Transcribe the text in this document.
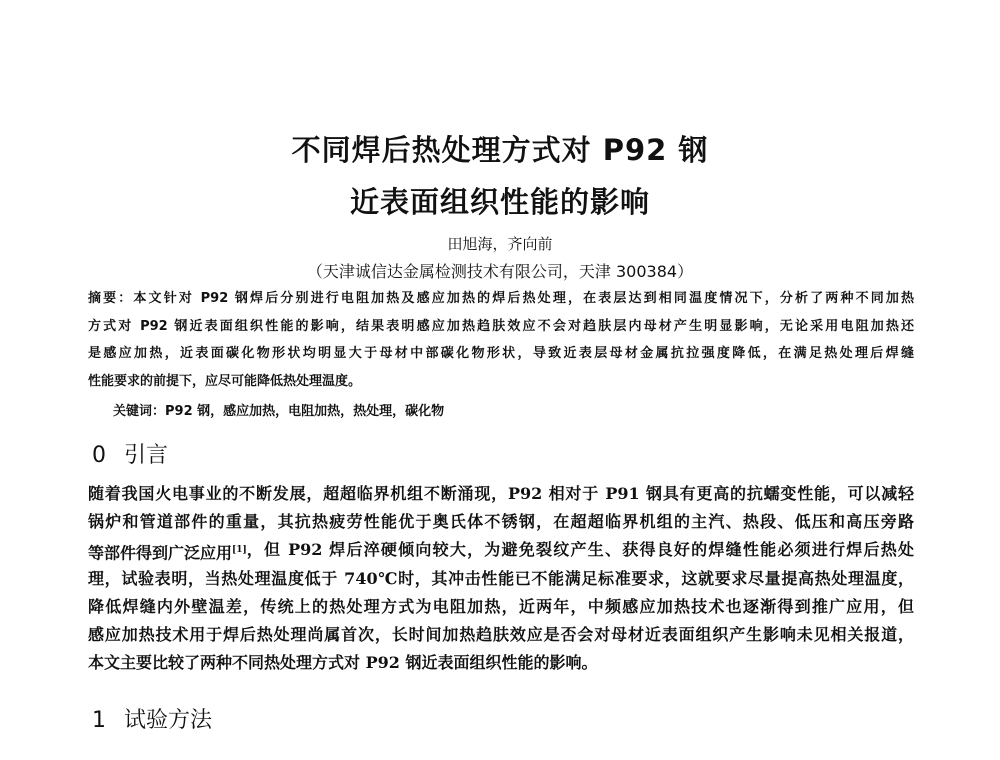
不同焊后热处理方式对 P92 钢
近表面组织性能的影响
田旭海，齐向前
（天津诚信达金属检测技术有限公司，天津 300384）
摘要：本文针对 P92 钢焊后分别进行电阻加热及感应加热的焊后热处理，在表层达到相同温度情况下，分析了两种不同加热
方式对 P92 钢近表面组织性能的影响，结果表明感应加热趋肤效应不会对趋肤层内母材产生明显影响，无论采用电阻加热还
是感应加热，近表面碳化物形状均明显大于母材中部碳化物形状，导致近表层母材金属抗拉强度降低，在满足热处理后焊缝
性能要求的前提下，应尽可能降低热处理温度。
关键词：P92 钢，感应加热，电阻加热，热处理，碳化物
0 引言
随着我国火电事业的不断发展，超超临界机组不断涌现，P92 相对于 P91 钢具有更高的抗蠕变性能，可以减轻
锅炉和管道部件的重量，其抗热疲劳性能优于奥氏体不锈钢，在超超临界机组的主汽、热段、低压和高压旁路
等部件得到广泛应用[1] ，但 P92 焊后淬硬倾向较大，为避免裂纹产生、获得良好的焊缝性能必须进行焊后热处
理，试验表明，当热处理温度低于 740℃时，其冲击性能已不能满足标准要求，这就要求尽量提高热处理温度，
降低焊缝内外壁温差，传统上的热处理方式为电阻加热，近两年，中频感应加热技术也逐渐得到推广应用，但
感应加热技术用于焊后热处理尚属首次，长时间加热趋肤效应是否会对母材近表面组织产生影响未见相关报道，
本文主要比较了两种不同热处理方式对 P92 钢近表面组织性能的影响。
1 试验方法
